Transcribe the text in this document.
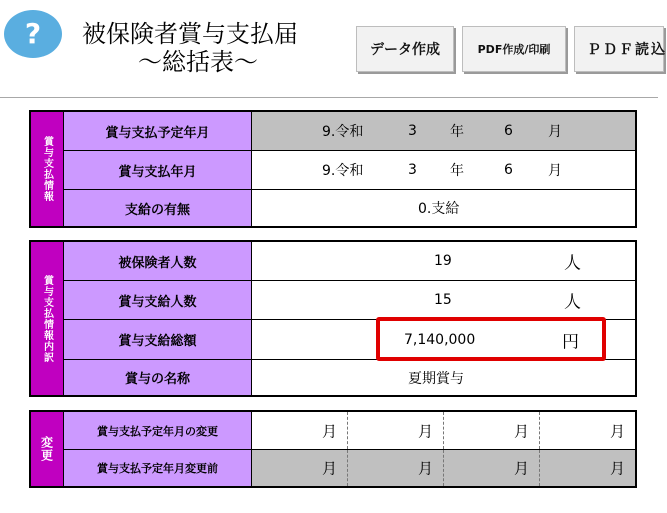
?	被保険者賞与支払届
～総括表～	データ作成	PDF作成/印刷	ＰＤＦ読込
賞与支払情報
賞与支払予定年月	9.令和	3 年	6	月
賞与支払年月	9.令和	3 年	6	月
支給の有無	0.支給
賞与支払情報内訳
被保険者人数	19	人
賞与支給人数	15	人
賞与支給総額	7,140,000	円
賞与の名称	夏期賞与
変更
賞与支払予定年月の変更	月	月	月	月
賞与支払予定年月変更前	月	月	月	月
